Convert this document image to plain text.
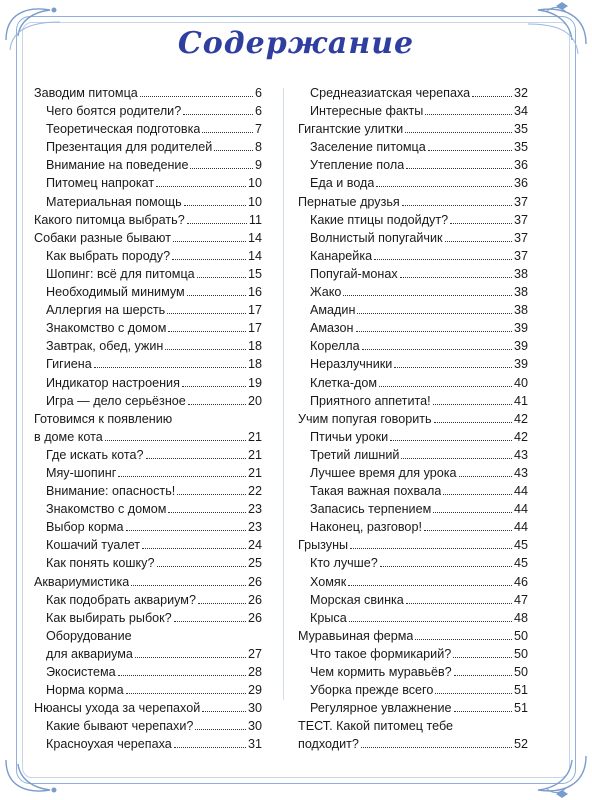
Содержание
Заводим питомца	6
Чего боятся родители?	6
Теоретическая подготовка	7
Презентация для родителей	8
Внимание на поведение	9
Питомец напрокат	10
Материальная помощь	10
Какого питомца выбрать?	11
Собаки разные бывают	14
Как выбрать породу?	14
Шопинг: всё для питомца	15
Необходимый минимум	16
Аллергия на шерсть	17
Знакомство с домом	17
Завтрак, обед, ужин	18
Гигиена	18
Индикатор настроения	19
Игра — дело серьёзное	20
Готовимся к появлению
в доме кота	21
Где искать кота?	21
Мяу-шопинг	21
Внимание: опасность!	22
Знакомство с домом	23
Выбор корма	23
Кошачий туалет	24
Как понять кошку?	25
Аквариумистика	26
Как подобрать аквариум?	26
Как выбирать рыбок?	26
Оборудование
для аквариума	27
Экосистема	28
Норма корма	29
Нюансы ухода за черепахой	30
Какие бывают черепахи?	30
Красноухая черепаха	31
Среднеазиатская черепаха	32
Интересные факты	34
Гигантские улитки	35
Заселение питомца	35
Утепление пола	36
Еда и вода	36
Пернатые друзья	37
Какие птицы подойдут?	37
Волнистый попугайчик	37
Канарейка	37
Попугай-монах	38
Жако	38
Амадин	38
Амазон	39
Корелла	39
Неразлучники	39
Клетка-дом	40
Приятного аппетита!	41
Учим попугая говорить	42
Птичьи уроки	42
Третий лишний	43
Лучшее время для урока	43
Такая важная похвала	44
Запасись терпением	44
Наконец, разговор!	44
Грызуны	45
Кто лучше?	45
Хомяк	46
Морская свинка	47
Крыса	48
Муравьиная ферма	50
Что такое формикарий?	50
Чем кормить муравьёв?	50
Уборка прежде всего	51
Регулярное увлажнение	51
ТЕСТ. Какой питомец тебе
подходит?	52
